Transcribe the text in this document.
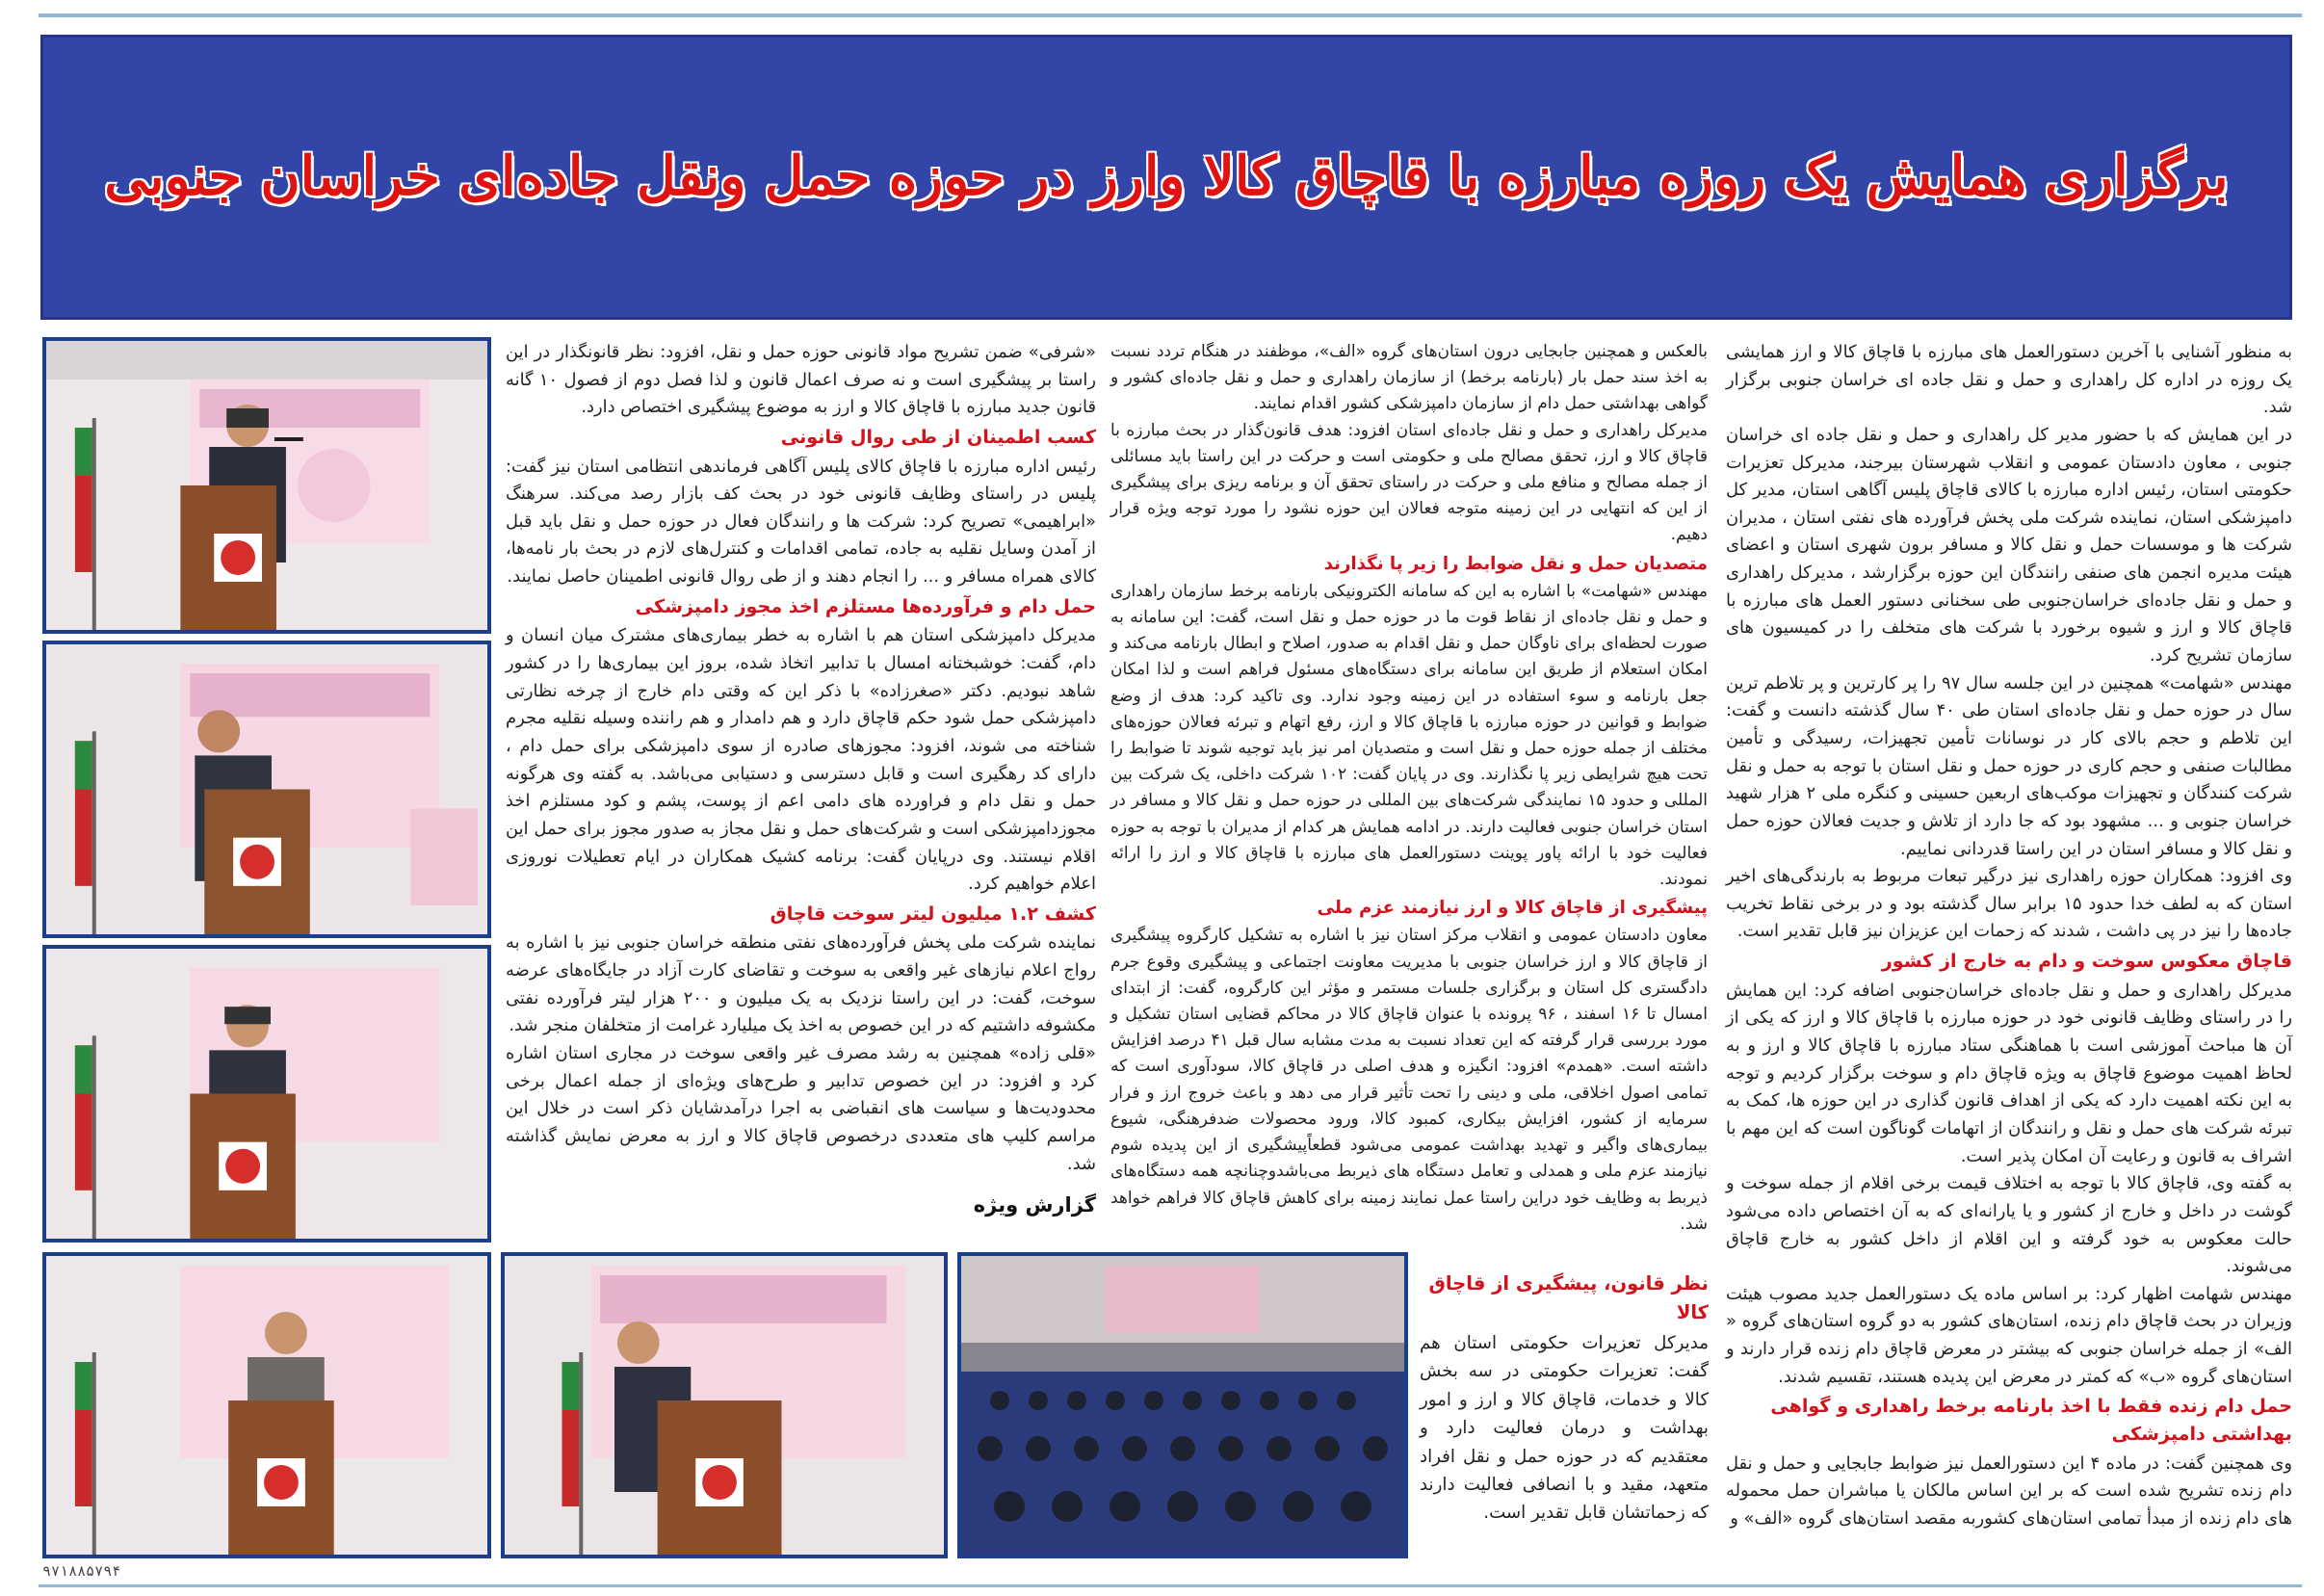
برگزاری همایش یک روزه مبارزه با قاچاق کالا وارز در حوزه حمل ونقل جاده‌ای خراسان جنوبی

به منظور آشنایی با آخرین دستورالعمل های مبارزه با قاچاق کالا و ارز همایشی یک روزه در اداره کل راهداری و حمل و نقل جاده ای خراسان جنوبی برگزار شد.

در این همایش که با حضور مدیر کل راهداری و حمل و نقل جاده ای خراسان جنوبی ، معاون دادستان عمومی و انقلاب شهرستان بیرجند، مدیرکل تعزیرات حکومتی استان، رئیس اداره مبارزه با کالای قاچاق پلیس آگاهی استان، مدیر کل دامپزشکی استان، نماینده شرکت ملی پخش فرآورده های نفتی استان ، مدیران شرکت ها و موسسات حمل و نقل کالا و مسافر برون شهری استان و اعضای هیئت مدیره انجمن های صنفی رانندگان این حوزه برگزارشد ، مدیرکل راهداری و حمل و نقل جاده‌ای خراسان‌جنوبی طی سخنانی دستور العمل های مبارزه با قاچاق کالا و ارز و شیوه برخورد با شرکت های متخلف را در کمیسیون های سازمان تشریح کرد.

مهندس «شهامت» همچنین در این جلسه سال ۹۷ را پر کارترین و پر تلاطم ترین سال در حوزه حمل و نقل جاده‌ای استان طی ۴۰ سال گذشته دانست و گفت: این تلاطم و حجم بالای کار در نوسانات تأمین تجهیزات، رسیدگی و تأمین مطالبات صنفی و حجم کاری در حوزه حمل و نقل استان با توجه به حمل و نقل شرکت کنندگان و تجهیزات موکب‌های اربعین حسینی و کنگره ملی ۲ هزار شهید خراسان جنوبی و ... مشهود بود که جا دارد از تلاش و جدیت فعالان حوزه حمل و نقل کالا و مسافر استان در این راستا قدردانی نماییم.

وی افزود: همکاران حوزه راهداری نیز درگیر تبعات مربوط به بارندگی‌های اخیر استان که به لطف خدا حدود ۱۵ برابر سال گذشته بود و در برخی نقاط تخریب جاده‌ها را نیز در پی داشت ، شدند که زحمات این عزیزان نیز قابل تقدیر است.

قاچاق معکوس سوخت و دام به خارج از کشور

مدیرکل راهداری و حمل و نقل جاده‌ای خراسان‌جنوبی اضافه کرد: این همایش را در راستای وظایف قانونی خود در حوزه مبارزه با قاچاق کالا و ارز که یکی از آن ها مباحث آموزشی است با هماهنگی ستاد مبارزه با قاچاق کالا و ارز و به لحاظ اهمیت موضوع قاچاق به ویژه قاچاق دام و سوخت برگزار کردیم و توجه به این نکته اهمیت دارد که یکی از اهداف قانون گذاری در این حوزه ها، کمک به تبرئه شرکت های حمل و نقل و رانندگان از اتهامات گوناگون است که این مهم با اشراف به قانون و رعایت آن امکان پذیر است.

به گفته وی، قاچاق کالا با توجه به اختلاف قیمت برخی اقلام از جمله سوخت و گوشت در داخل و خارج از کشور و یا یارانه‌ای که به آن اختصاص داده می‌شود حالت معکوس به خود گرفته و این اقلام از داخل کشور به خارج قاچاق می‌شوند.

مهندس شهامت اظهار کرد: بر اساس ماده یک دستورالعمل جدید مصوب هیئت وزیران در بحث قاچاق دام زنده، استان‌های کشور به دو گروه استان‌های گروه « الف» از جمله خراسان جنوبی که بیشتر در معرض قاچاق دام زنده قرار دارند و استان‌های گروه «ب» که کمتر در معرض این پدیده هستند، تقسیم شدند.

حمل دام زنده فقط با اخذ بارنامه برخط راهداری و گواهی بهداشتی دامپزشکی

وی همچنین گفت: در ماده ۴ این دستورالعمل نیز ضوابط جابجایی و حمل و نقل دام زنده تشریح شده است که بر این اساس مالکان یا مباشران حمل محموله های دام زنده از مبدأ تمامی استان‌های کشوربه مقصد استان‌های گروه «الف» و

بالعکس و همچنین جابجایی درون استان‌های گروه «الف»، موظفند در هنگام تردد نسبت به اخذ سند حمل بار (بارنامه برخط) از سازمان راهداری و حمل و نقل جاده‌ای کشور و گواهی بهداشتی حمل دام از سازمان دامپزشکی کشور اقدام نمایند.

مدیرکل راهداری و حمل و نقل جاده‌ای استان افزود: هدف قانون‌گذار در بحث مبارزه با قاچاق کالا و ارز، تحقق مصالح ملی و حکومتی است و حرکت در این راستا باید مسائلی از جمله مصالح و منافع ملی و حرکت در راستای تحقق آن و برنامه ریزی برای پیشگیری از این که انتهایی در این زمینه متوجه فعالان این حوزه نشود را مورد توجه ویژه قرار دهیم.

متصدیان حمل و نقل ضوابط را زیر پا نگذارند

مهندس «شهامت» با اشاره به این که سامانه الکترونیکی بارنامه برخط سازمان راهداری و حمل و نقل جاده‌ای از نقاط قوت ما در حوزه حمل و نقل است، گفت: این سامانه به صورت لحظه‌ای برای ناوگان حمل و نقل اقدام به صدور، اصلاح و ابطال بارنامه می‌کند و امکان استعلام از طریق این سامانه برای دستگاه‌های مسئول فراهم است و لذا امکان جعل بارنامه و سوء استفاده در این زمینه وجود ندارد. وی تاکید کرد: هدف از وضع ضوابط و قوانین در حوزه مبارزه با قاچاق کالا و ارز، رفع اتهام و تبرئه فعالان حوزه‌های مختلف از جمله حوزه حمل و نقل است و متصدیان امر نیز باید توجیه شوند تا ضوابط را تحت هیچ شرایطی زیر پا نگذارند. وی در پایان گفت: ۱۰۲ شرکت داخلی، یک شرکت بین المللی و حدود ۱۵ نمایندگی شرکت‌های بین المللی در حوزه حمل و نقل کالا و مسافر در استان خراسان جنوبی فعالیت دارند. در ادامه همایش هر کدام از مدیران با توجه به حوزه فعالیت خود با ارائه پاور پوینت دستورالعمل های مبارزه با قاچاق کالا و ارز را ارائه نمودند.

پیشگیری از قاچاق کالا و ارز نیازمند عزم ملی

معاون دادستان عمومی و انقلاب مرکز استان نیز با اشاره به تشکیل کارگروه پیشگیری از قاچاق کالا و ارز خراسان جنوبی با مدیریت معاونت اجتماعی و پیشگیری وقوع جرم دادگستری کل استان و برگزاری جلسات مستمر و مؤثر این کارگروه، گفت: از ابتدای امسال تا ۱۶ اسفند ، ۹۶ پرونده با عنوان قاچاق کالا در محاکم قضایی استان تشکیل و مورد بررسی قرار گرفته که این تعداد نسبت به مدت مشابه سال قبل ۴۱ درصد افزایش داشته است. «همدم» افزود: انگیزه و هدف اصلی در قاچاق کالا، سودآوری است که تمامی اصول اخلاقی، ملی و دینی را تحت تأثیر قرار می دهد و باعث خروج ارز و فرار سرمایه از کشور، افزایش بیکاری، کمبود کالا، ورود محصولات ضدفرهنگی، شیوع بیماری‌های واگیر و تهدید بهداشت عمومی می‌شود قطعاًپیشگیری از این پدیده شوم نیازمند عزم ملی و همدلی و تعامل دستگاه های ذیربط می‌باشدوچنانچه همه دستگاه‌های ذیربط به وظایف خود دراین راستا عمل نمایند زمینه برای کاهش قاچاق کالا فراهم خواهد شد.

«شرفی» ضمن تشریح مواد قانونی حوزه حمل و نقل، افزود: نظر قانونگذار در این راستا بر پیشگیری است و نه صرف اعمال قانون و لذا فصل دوم از فصول ۱۰ گانه قانون جدید مبارزه با قاچاق کالا و ارز به موضوع پیشگیری اختصاص دارد.

کسب اطمینان از طی روال قانونی

رئیس اداره مبارزه با قاچاق کالای پلیس آگاهی فرماندهی انتظامی استان نیز گفت: پلیس در راستای وظایف قانونی خود در بحث کف بازار رصد می‌کند. سرهنگ «ابراهیمی» تصریح کرد: شرکت ها و رانندگان فعال در حوزه حمل و نقل باید قبل از آمدن وسایل نقلیه به جاده، تمامی اقدامات و کنترل‌های لازم در بحث بار نامه‌ها، کالای همراه مسافر و ... را انجام دهند و از طی روال قانونی اطمینان حاصل نمایند.

حمل دام و فرآورده‌ها مستلزم اخذ مجوز دامپزشکی

مدیرکل دامپزشکی استان هم با اشاره به خطر بیماری‌های مشترک میان انسان و دام، گفت: خوشبختانه امسال با تدابیر اتخاذ شده، بروز این بیماری‌ها را در کشور شاهد نبودیم. دکتر «صغرزاده» با ذکر این که وقتی دام خارج از چرخه نظارتی دامپزشکی حمل شود حکم قاچاق دارد و هم دامدار و هم راننده وسیله نقلیه مجرم شناخته می شوند، افزود: مجوزهای صادره از سوی دامپزشکی برای حمل دام ، دارای کد رهگیری است و قابل دسترسی و دستیابی می‌باشد. به گفته وی هرگونه حمل و نقل دام و فراورده های دامی اعم از پوست، پشم و کود مستلزم اخذ مجوزدامپزشکی است و شرکت‌های حمل و نقل مجاز به صدور مجوز برای حمل این اقلام نیستند. وی درپایان گفت: برنامه کشیک همکاران در ایام تعطیلات نوروزی اعلام خواهیم کرد.

کشف ۱.۲ میلیون لیتر سوخت قاچاق

نماینده شرکت ملی پخش فرآورده‌های نفتی منطقه خراسان جنوبی نیز با اشاره به رواج اعلام نیازهای غیر واقعی به سوخت و تقاضای کارت آزاد در جایگاه‌های عرضه سوخت، گفت: در این راستا نزدیک به یک میلیون و ۲۰۰ هزار لیتر فرآورده نفتی مکشوفه داشتیم که در این خصوص به اخذ یک میلیارد غرامت از متخلفان منجر شد.

«قلی زاده» همچنین به رشد مصرف غیر واقعی سوخت در مجاری استان اشاره کرد و افزود: در این خصوص تدابیر و طرح‌های ویژه‌ای از جمله اعمال برخی محدودیت‌ها و سیاست های انقباضی به اجرا درآمدشایان ذکر است در خلال این مراسم کلیپ های متعددی درخصوص قاچاق کالا و ارز به معرض نمایش گذاشته شد.

گزارش ویژه

نظر قانون، پیشگیری از قاچاق کالا

مدیرکل تعزیرات حکومتی استان هم گفت: تعزیرات حکومتی در سه بخش کالا و خدمات، قاچاق کالا و ارز و امور بهداشت و درمان فعالیت دارد و معتقدیم که در حوزه حمل و نقل افراد متعهد، مقید و با انصافی فعالیت دارند که زحماتشان قابل تقدیر است.

۹۷۱۸۸۵۷۹۴
